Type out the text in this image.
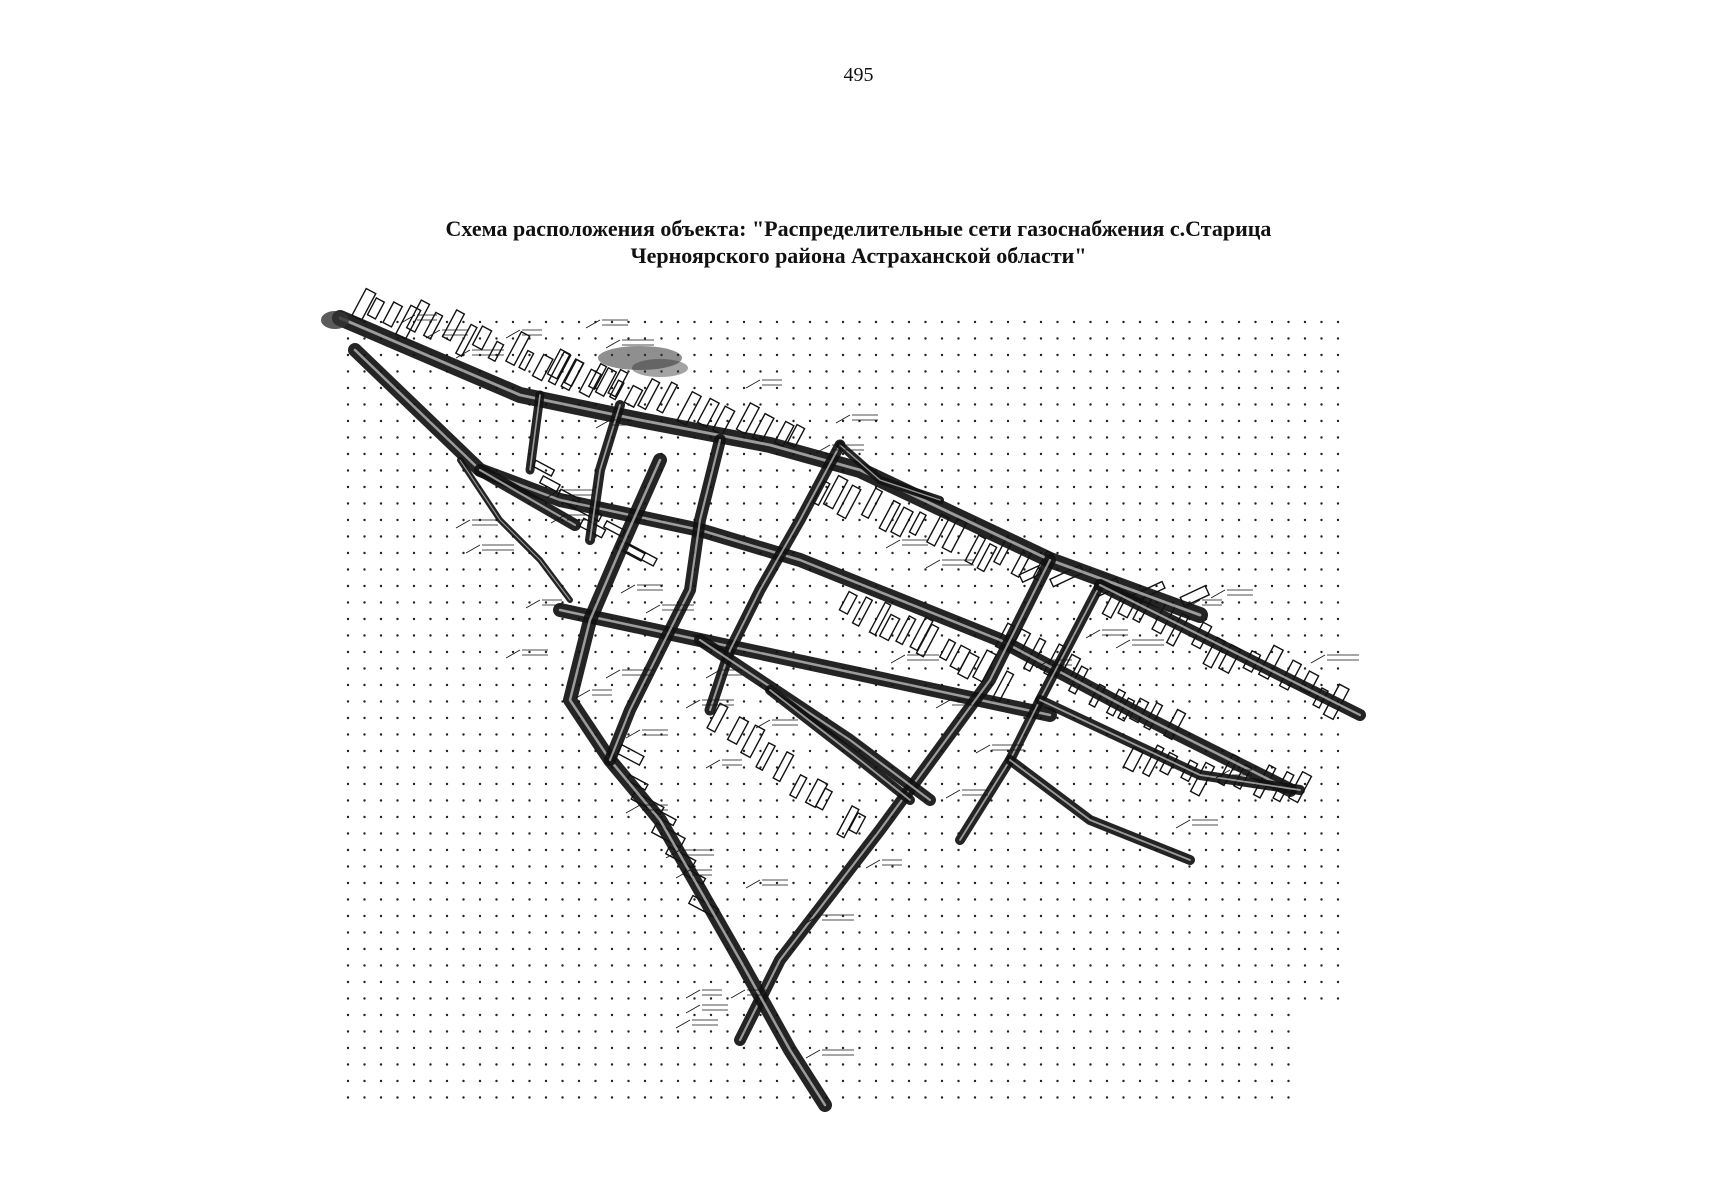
495
Схема расположения объекта: "Распределительные сети газоснабжения с.Старица
Черноярского района Астраханской области"
